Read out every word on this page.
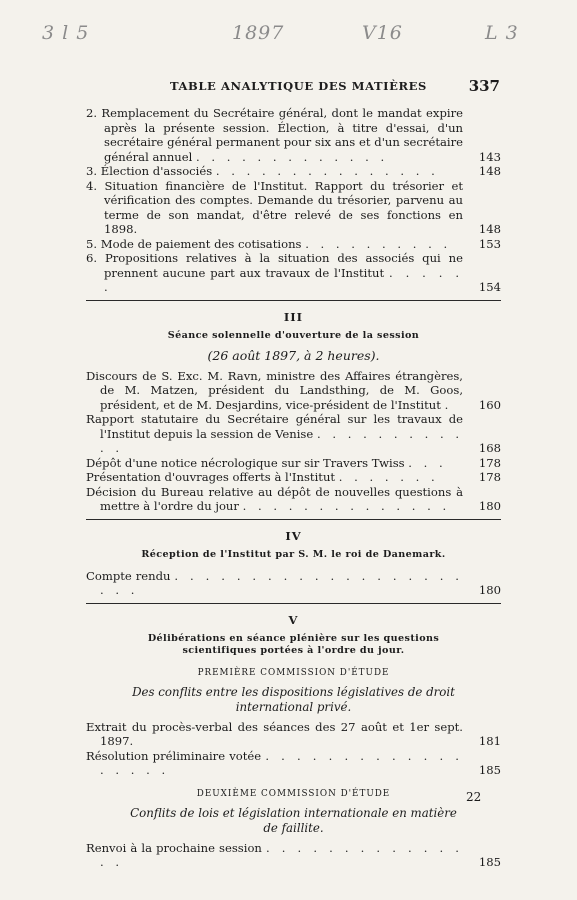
3 l 5	1897	V16	L 3
TABLE ANALYTIQUE DES MATIÈRES	337
2. Remplacement du Secrétaire général, dont le mandat expire après la présente session. Élection, à titre d'essai, d'un secrétaire général permanent pour six ans et d'un secrétaire général annuel . . . . . . . . . . . . .	143
3. Élection d'associés . . . . . . . . . . . . . . .	148
4. Situation financière de l'Institut. Rapport du trésorier et vérification des comptes. Demande du trésorier, parvenu au terme de son mandat, d'être relevé de ses fonctions en 1898.	148
5. Mode de paiement des cotisations . . . . . . . . . .	153
6. Propositions relatives à la situation des associés qui ne prennent aucune part aux travaux de l'Institut . . . . . .	154
III
Séance solennelle d'ouverture de la session
(26 août 1897, à 2 heures).
Discours de S. Exc. M. Ravn, ministre des Affaires étrangères, de M. Matzen, président du Landsthing, de M. Goos, président, et de M. Desjardins, vice-président de l'Institut .	160
Rapport statutaire du Secrétaire général sur les travaux de l'Institut depuis la session de Venise . . . . . . . . . . . .	168
Dépôt d'une notice nécrologique sur sir Travers Twiss . . .	178
Présentation d'ouvrages offerts à l'Institut . . . . . . .	178
Décision du Bureau relative au dépôt de nouvelles questions à mettre à l'ordre du jour . . . . . . . . . . . . . .	180
IV
Réception de l'Institut par S. M. le roi de Danemark.
Compte rendu . . . . . . . . . . . . . . . . . . . . . .	180
V
Délibérations en séance plénière sur les questions scientifiques portées à l'ordre du jour.
PREMIÈRE COMMISSION D'ÉTUDE
Des conflits entre les dispositions législatives de droit international privé.
Extrait du procès-verbal des séances des 27 août et 1er sept. 1897.	181
Résolution préliminaire votée . . . . . . . . . . . . . . . . . .	185
DEUXIÈME COMMISSION D'ÉTUDE
Conflits de lois et législation internationale en matière de faillite.
Renvoi à la prochaine session . . . . . . . . . . . . . . .	185
22
